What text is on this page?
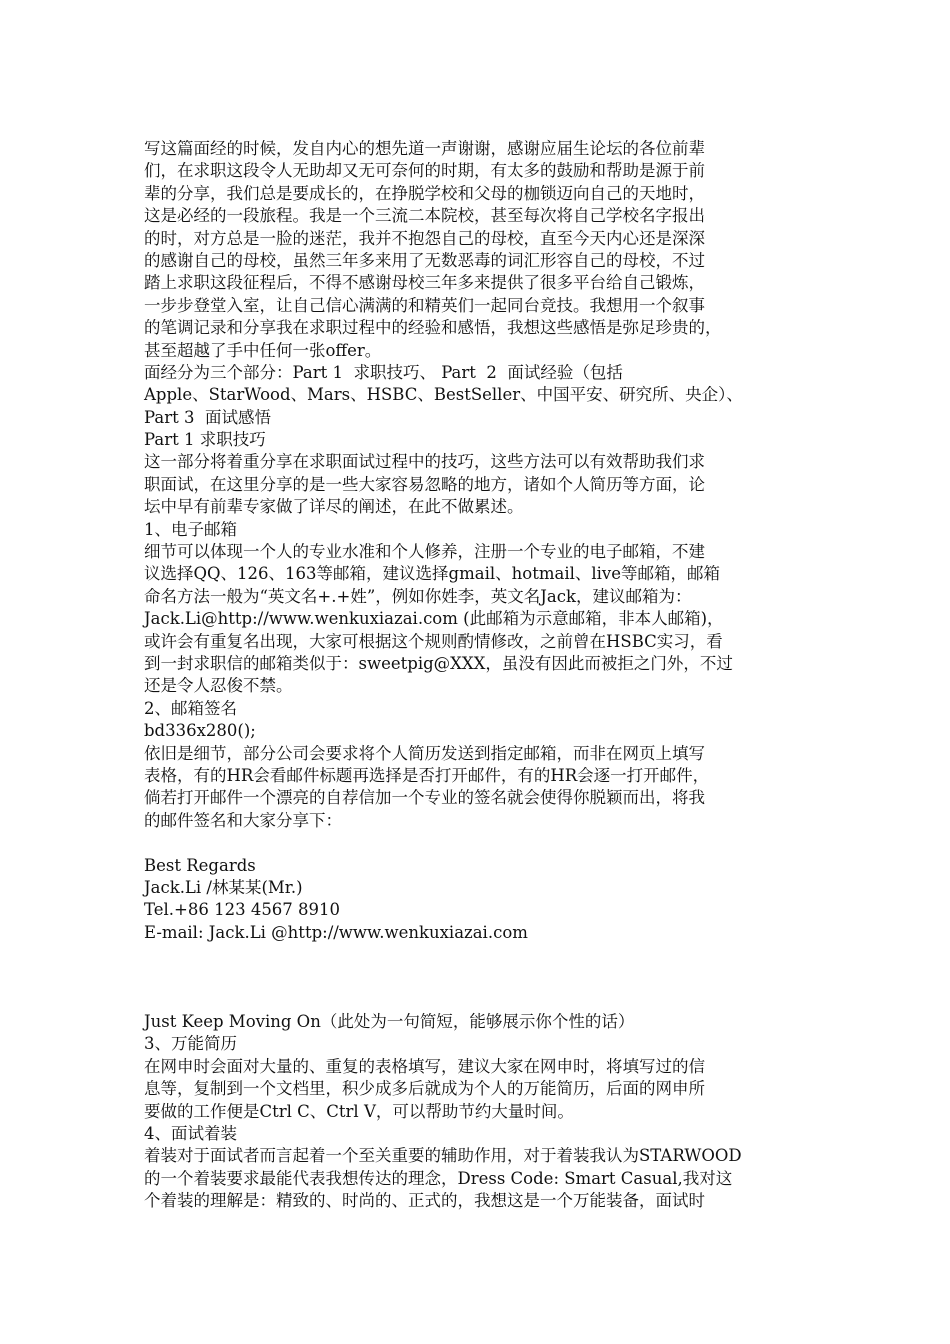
写这篇面经的时候，发自内心的想先道一声谢谢，感谢应届生论坛的各位前辈
们，在求职这段令人无助却又无可奈何的时期，有太多的鼓励和帮助是源于前
辈的分享，我们总是要成长的，在挣脱学校和父母的枷锁迈向自己的天地时，
这是必经的一段旅程。我是一个三流二本院校，甚至每次将自己学校名字报出
的时，对方总是一脸的迷茫，我并不抱怨自己的母校，直至今天内心还是深深
的感谢自己的母校，虽然三年多来用了无数恶毒的词汇形容自己的母校，不过
踏上求职这段征程后，不得不感谢母校三年多来提供了很多平台给自己锻炼，
一步步登堂入室，让自己信心满满的和精英们一起同台竞技。我想用一个叙事
的笔调记录和分享我在求职过程中的经验和感悟，我想这些感悟是弥足珍贵的，
甚至超越了手中任何一张offer。
面经分为三个部分：Part 1  求职技巧、 Part  2  面试经验（包括
Apple、StarWood、Mars、HSBC、BestSeller、中国平安、研究所、央企）、
Part 3  面试感悟
Part 1 求职技巧
这一部分将着重分享在求职面试过程中的技巧，这些方法可以有效帮助我们求
职面试，在这里分享的是一些大家容易忽略的地方，诸如个人简历等方面，论
坛中早有前辈专家做了详尽的阐述，在此不做累述。
1、电子邮箱
细节可以体现一个人的专业水准和个人修养，注册一个专业的电子邮箱，不建
议选择QQ、126、163等邮箱，建议选择gmail、hotmail、live等邮箱，邮箱
命名方法一般为“英文名+.+姓”，例如你姓李，英文名Jack，建议邮箱为：
Jack.Li@http://www.wenkuxiazai.com (此邮箱为示意邮箱，非本人邮箱)，
或许会有重复名出现，大家可根据这个规则酌情修改，之前曾在HSBC实习，看
到一封求职信的邮箱类似于：sweetpig@XXX，虽没有因此而被拒之门外，不过
还是令人忍俊不禁。
2、邮箱签名
bd336x280();
依旧是细节，部分公司会要求将个人简历发送到指定邮箱，而非在网页上填写
表格，有的HR会看邮件标题再选择是否打开邮件，有的HR会逐一打开邮件，
倘若打开邮件一个漂亮的自荐信加一个专业的签名就会使得你脱颖而出，将我
的邮件签名和大家分享下：
Best Regards
Jack.Li /林某某(Mr.)
Tel.+86 123 4567 8910
E-mail: Jack.Li @http://www.wenkuxiazai.com
Just Keep Moving On（此处为一句简短，能够展示你个性的话）
3、万能简历
在网申时会面对大量的、重复的表格填写，建议大家在网申时，将填写过的信
息等，复制到一个文档里，积少成多后就成为个人的万能简历，后面的网申所
要做的工作便是Ctrl C、Ctrl V，可以帮助节约大量时间。
4、面试着装
着装对于面试者而言起着一个至关重要的辅助作用，对于着装我认为STARWOOD
的一个着装要求最能代表我想传达的理念，Dress Code: Smart Casual,我对这
个着装的理解是：精致的、时尚的、正式的，我想这是一个万能装备，面试时
